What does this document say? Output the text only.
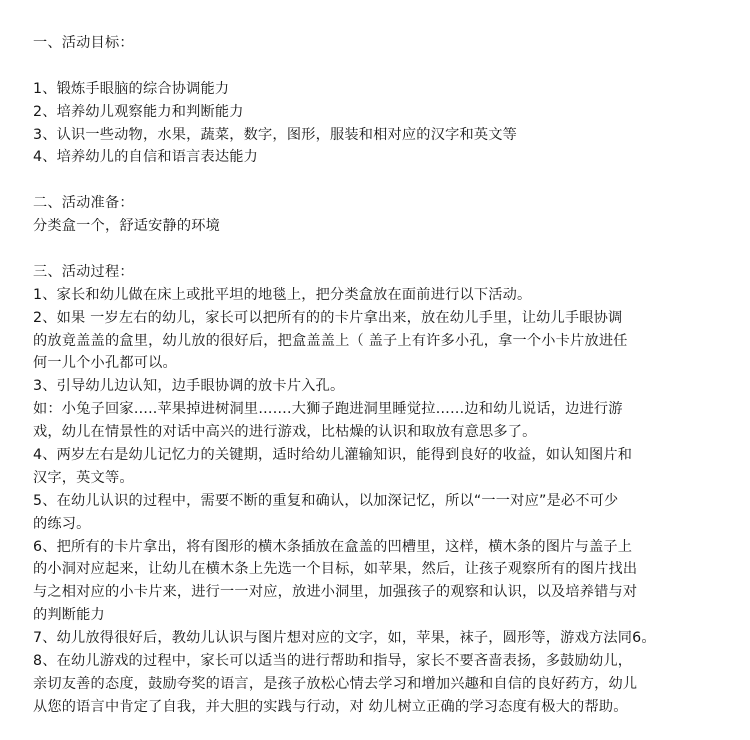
一、活动目标：
1、锻炼手眼脑的综合协调能力
2、培养幼儿观察能力和判断能力
3、认识一些动物，水果，蔬菜，数字，图形，服装和相对应的汉字和英文等
4、培养幼儿的自信和语言表达能力
二、活动准备：
分类盒一个，舒适安静的环境
三、活动过程：
1、家长和幼儿做在床上或批平坦的地毯上，把分类盒放在面前进行以下活动。
2、如果 一岁左右的幼儿，家长可以把所有的的卡片拿出来，放在幼儿手里，让幼儿手眼协调
的放竟盖盖的盒里，幼儿放的很好后，把盒盖盖上（ 盖子上有许多小孔，拿一个小卡片放进任
何一儿个小孔都可以。
3、引导幼儿边认知，边手眼协调的放卡片入孔。
如：小兔子回家…..苹果掉进树洞里…….大狮子跑进洞里睡觉拉……边和幼儿说话，边进行游
戏，幼儿在情景性的对话中高兴的进行游戏，比枯燥的认识和取放有意思多了。
4、两岁左右是幼儿记忆力的关键期，适时给幼儿灌输知识，能得到良好的收益，如认知图片和
汉字，英文等。
5、在幼儿认识的过程中，需要不断的重复和确认，以加深记忆，所以“一一对应”是必不可少
的练习。
6、把所有的卡片拿出，将有图形的横木条插放在盒盖的凹槽里，这样，横木条的图片与盖子上
的小洞对应起来，让幼儿在横木条上先选一个目标，如苹果，然后，让孩子观察所有的图片找出
与之相对应的小卡片来，进行一一对应，放进小洞里，加强孩子的观察和认识，以及培养错与对
的判断能力
7、幼儿放得很好后，教幼儿认识与图片想对应的文字，如，苹果，袜子，圆形等，游戏方法同6。
8、在幼儿游戏的过程中，家长可以适当的进行帮助和指导，家长不要吝啬表扬，多鼓励幼儿，
亲切友善的态度，鼓励夸奖的语言，是孩子放松心情去学习和增加兴趣和自信的良好药方，幼儿
从您的语言中肯定了自我，并大胆的实践与行动，对 幼儿树立正确的学习态度有极大的帮助。
